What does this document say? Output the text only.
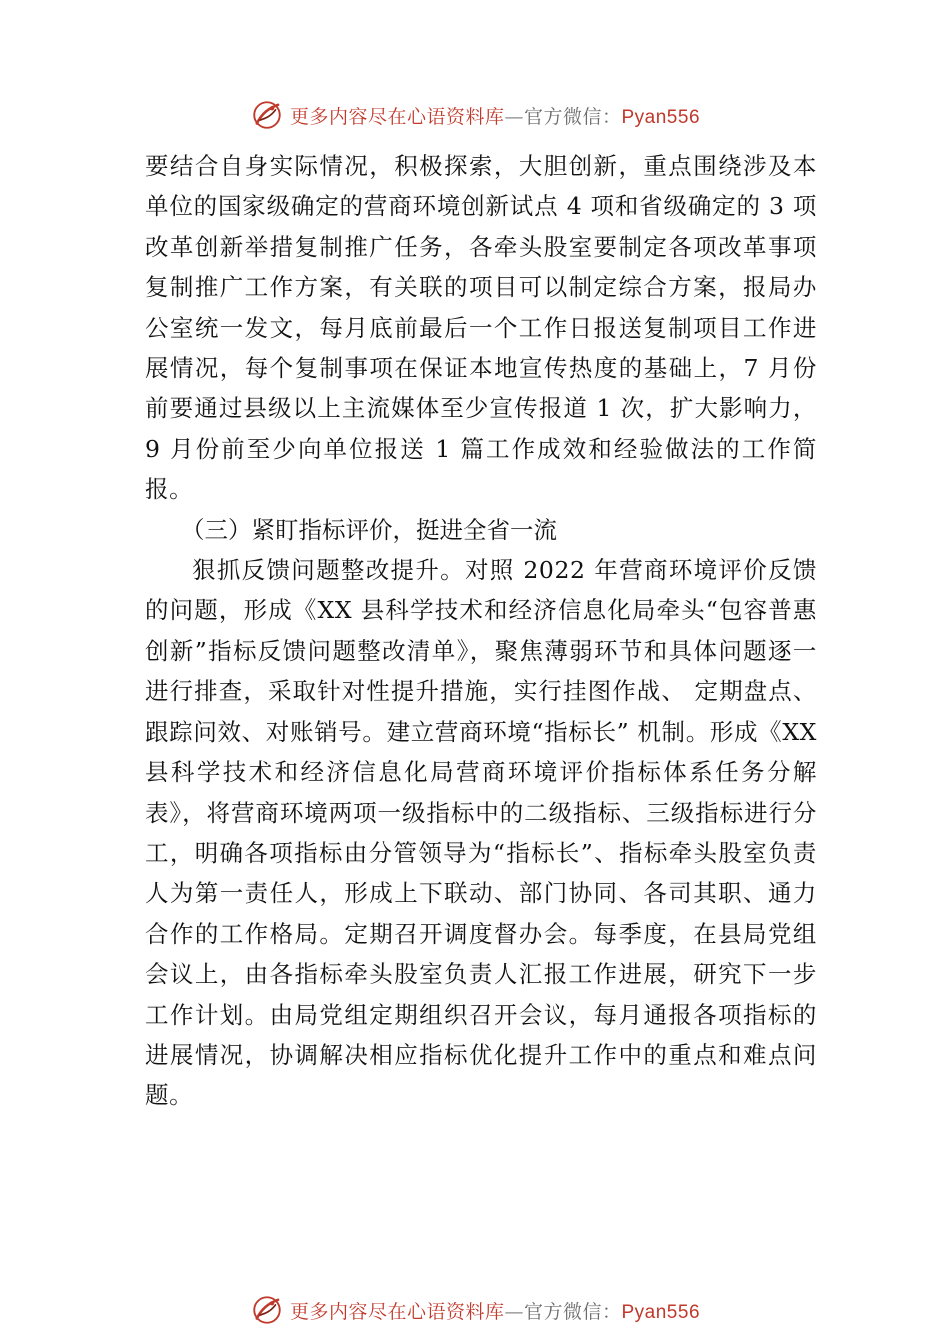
更多内容尽在心语资料库—官方微信：Pyan556

要结合自身实际情况，积极探索，大胆创新，重点围绕涉及本单位的国家级确定的营商环境创新试点 4 项和省级确定的 3 项改革创新举措复制推广任务，各牵头股室要制定各项改革事项复制推广工作方案，有关联的项目可以制定综合方案，报局办公室统一发文，每月底前最后一个工作日报送复制项目工作进展情况，每个复制事项在保证本地宣传热度的基础上，7 月份前要通过县级以上主流媒体至少宣传报道 1 次，扩大影响力，9 月份前至少向单位报送 1 篇工作成效和经验做法的工作简报。

（三）紧盯指标评价，挺进全省一流

狠抓反馈问题整改提升。对照 2022 年营商环境评价反馈的问题，形成《XX 县科学技术和经济信息化局牵头“包容普惠创新”指标反馈问题整改清单》，聚焦薄弱环节和具体问题逐一进行排查，采取针对性提升措施，实行挂图作战、 定期盘点、跟踪问效、对账销号。建立营商环境“指标长” 机制。形成《XX 县科学技术和经济信息化局营商环境评价指标体系任务分解表》，将营商环境两项一级指标中的二级指标、三级指标进行分工，明确各项指标由分管领导为“指标长”、指标牵头股室负责人为第一责任人，形成上下联动、部门协同、各司其职、通力合作的工作格局。定期召开调度督办会。每季度，在县局党组会议上，由各指标牵头股室负责人汇报工作进展，研究下一步工作计划。由局党组定期组织召开会议，每月通报各项指标的进展情况，协调解决相应指标优化提升工作中的重点和难点问题。

更多内容尽在心语资料库—官方微信：Pyan556
